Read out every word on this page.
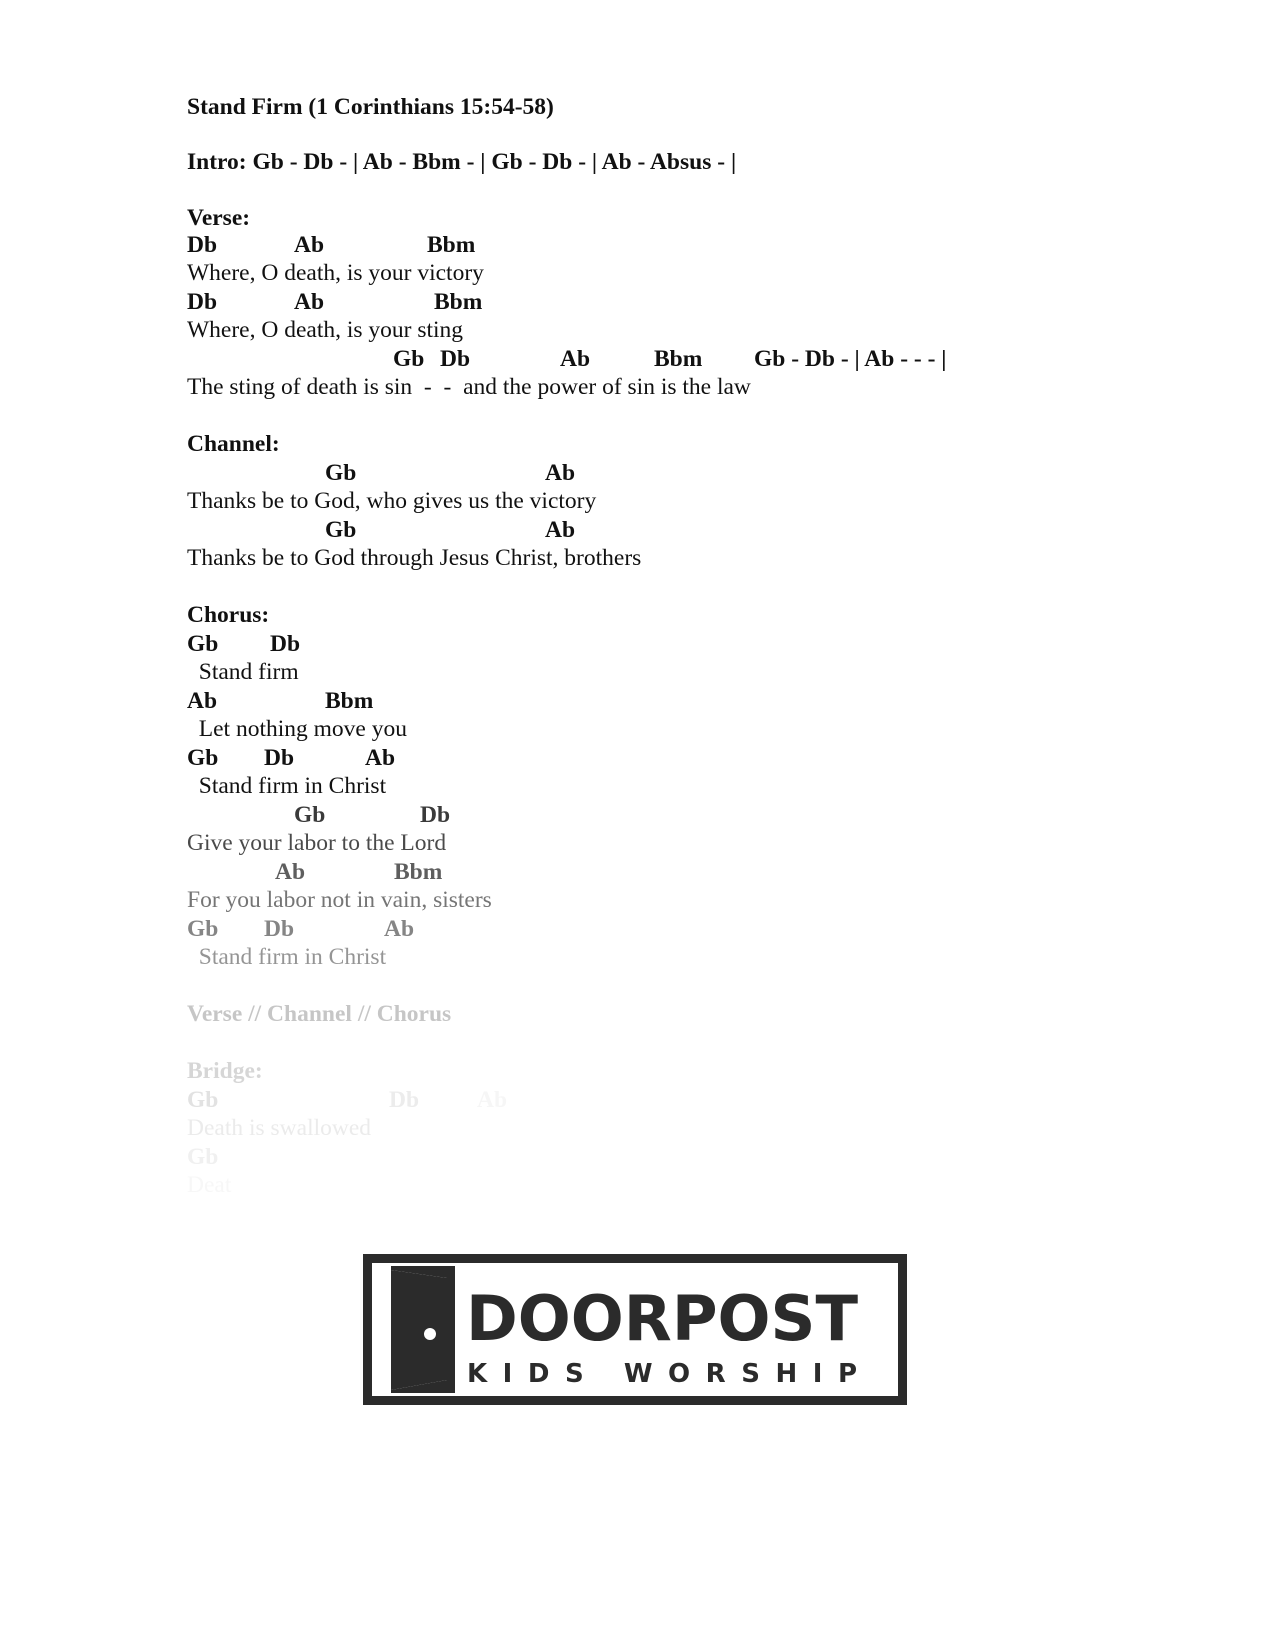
Stand Firm (1 Corinthians 15:54-58)
Intro: Gb - Db - | Ab - Bbm - | Gb - Db - | Ab - Absus - |
Verse:

Db

	Ab

	Bbm

Where, O death, is your victory

Db

	Ab

	Bbm

Where, O death, is your sting

Gb

Db

	Ab

	Bbm

Gb - Db - | Ab - - - |

The sting of death is sin  -  -  and the power of sin is the law
Channel:

Gb

	Ab

Thanks be to God, who gives us the victory

Gb

	Ab

Thanks be to God through Jesus Christ, brothers
Chorus:

Gb

Db

Stand firm

Ab

	Bbm

Let nothing move you

Gb

Db

	Ab

Stand firm in Christ

Gb

	Db

Give your labor to the Lord

Ab

	Bbm

For you labor not in vain, sisters

Gb

Db

	Ab

Stand firm in Christ
Verse // Channel // Chorus
Bridge:

Gb

	Db

Ab

Death is swallowed

Gb

Deat
DOORPOST
KIDS WORSHIP
